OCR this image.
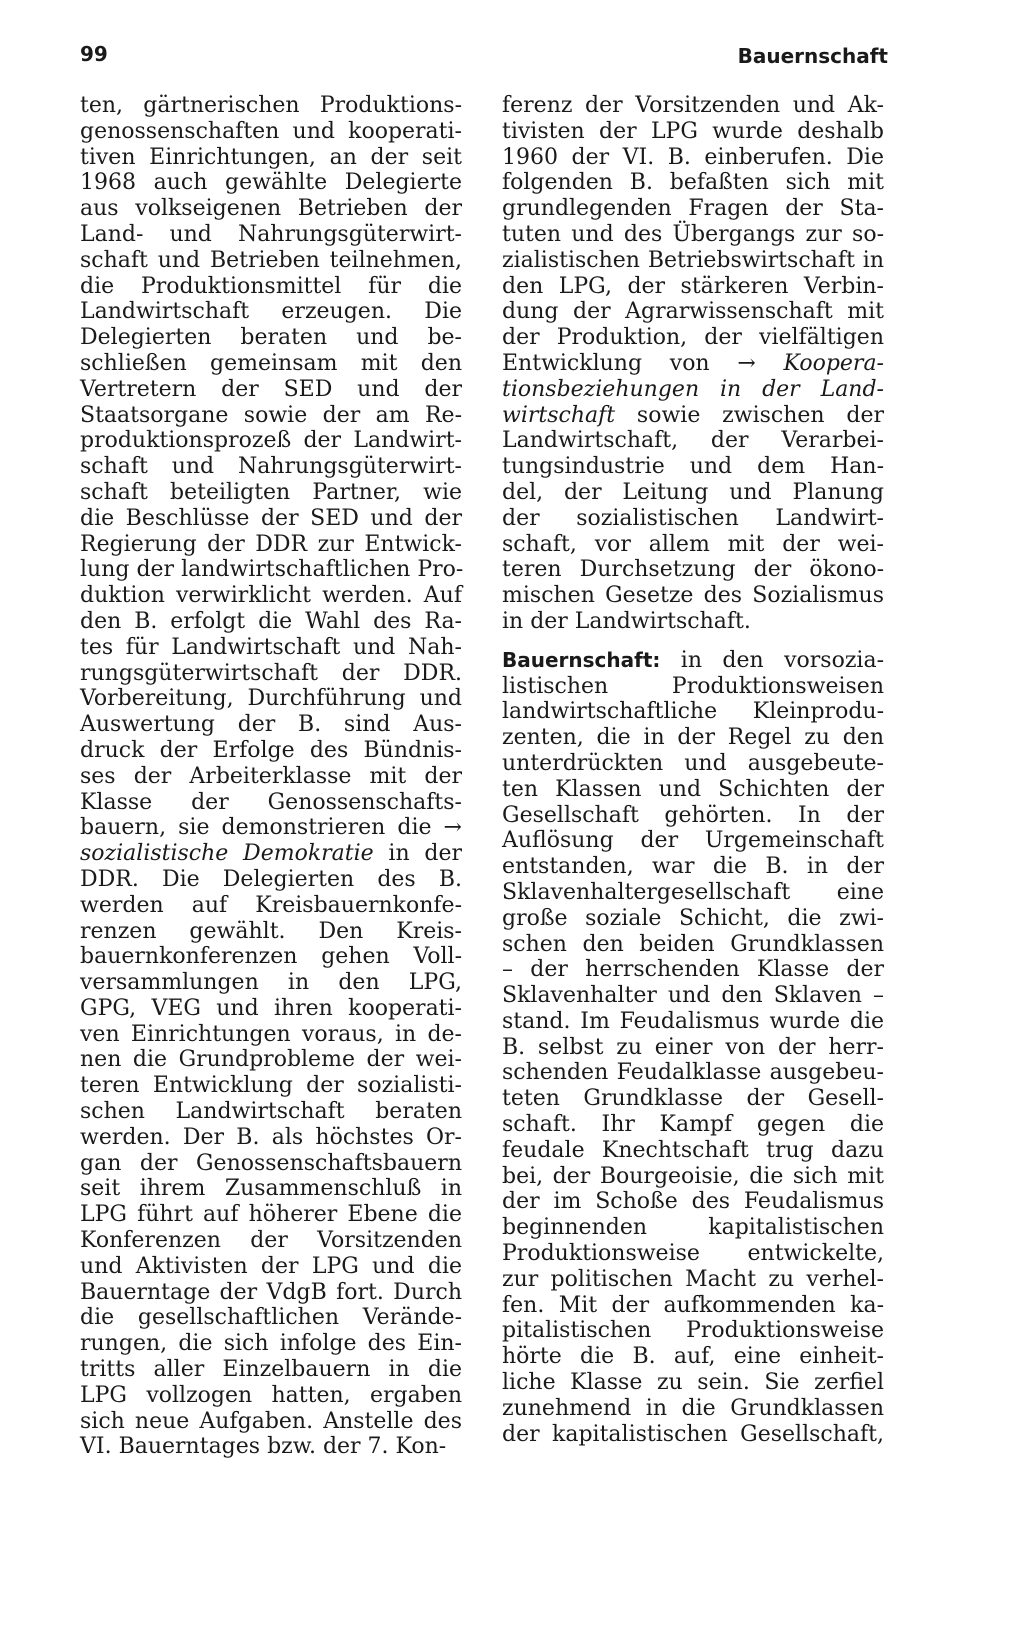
99	Bauernschaft
ten, gärtnerischen Produktions-
genossenschaften und kooperati-
tiven Einrichtungen, an der seit
1968 auch gewählte Delegierte
aus volkseigenen Betrieben der
Land- und Nahrungsgüterwirt-
schaft und Betrieben teilnehmen,
die Produktionsmittel für die
Landwirtschaft erzeugen. Die
Delegierten beraten und be-
schließen gemeinsam mit den
Vertretern der SED und der
Staatsorgane sowie der am Re-
produktionsprozeß der Landwirt-
schaft und Nahrungsgüterwirt-
schaft beteiligten Partner, wie
die Beschlüsse der SED und der
Regierung der DDR zur Entwick-
lung der landwirtschaftlichen Pro-
duktion verwirklicht werden. Auf
den B. erfolgt die Wahl des Ra-
tes für Landwirtschaft und Nah-
rungsgüterwirtschaft der DDR.
Vorbereitung, Durchführung und
Auswertung der B. sind Aus-
druck der Erfolge des Bündnis-
ses der Arbeiterklasse mit der
Klasse der Genossenschafts-
bauern, sie demonstrieren die →
sozialistische Demokratie in der
DDR. Die Delegierten des B.
werden auf Kreisbauernkonfe-
renzen gewählt. Den Kreis-
bauernkonferenzen gehen Voll-
versammlungen in den LPG,
GPG, VEG und ihren kooperati-
ven Einrichtungen voraus, in de-
nen die Grundprobleme der wei-
teren Entwicklung der sozialisti-
schen Landwirtschaft beraten
werden. Der B. als höchstes Or-
gan der Genossenschaftsbauern
seit ihrem Zusammenschluß in
LPG führt auf höherer Ebene die
Konferenzen der Vorsitzenden
und Aktivisten der LPG und die
Bauerntage der VdgB fort. Durch
die gesellschaftlichen Verände-
rungen, die sich infolge des Ein-
tritts aller Einzelbauern in die
LPG vollzogen hatten, ergaben
sich neue Aufgaben. Anstelle des
VI. Bauerntages bzw. der 7. Kon-
ferenz der Vorsitzenden und Ak-
tivisten der LPG wurde deshalb
1960 der VI. B. einberufen. Die
folgenden B. befaßten sich mit
grundlegenden Fragen der Sta-
tuten und des Übergangs zur so-
zialistischen Betriebswirtschaft in
den LPG, der stärkeren Verbin-
dung der Agrarwissenschaft mit
der Produktion, der vielfältigen
Entwicklung von → Koopera-
tionsbeziehungen in der Land-
wirtschaft sowie zwischen der
Landwirtschaft, der Verarbei-
tungsindustrie und dem Han-
del, der Leitung und Planung
der sozialistischen Landwirt-
schaft, vor allem mit der wei-
teren Durchsetzung der ökono-
mischen Gesetze des Sozialismus
in der Landwirtschaft.
Bauernschaft: in den vorsozia-
listischen Produktionsweisen
landwirtschaftliche Kleinprodu-
zenten, die in der Regel zu den
unterdrückten und ausgebeute-
ten Klassen und Schichten der
Gesellschaft gehörten. In der
Auflösung der Urgemeinschaft
entstanden, war die B. in der
Sklavenhaltergesellschaft eine
große soziale Schicht, die zwi-
schen den beiden Grundklassen
– der herrschenden Klasse der
Sklavenhalter und den Sklaven –
stand. Im Feudalismus wurde die
B. selbst zu einer von der herr-
schenden Feudalklasse ausgebeu-
teten Grundklasse der Gesell-
schaft. Ihr Kampf gegen die
feudale Knechtschaft trug dazu
bei, der Bourgeoisie, die sich mit
der im Schoße des Feudalismus
beginnenden kapitalistischen
Produktionsweise entwickelte,
zur politischen Macht zu verhel-
fen. Mit der aufkommenden ka-
pitalistischen Produktionsweise
hörte die B. auf, eine einheit-
liche Klasse zu sein. Sie zerfiel
zunehmend in die Grundklassen
der kapitalistischen Gesellschaft,
